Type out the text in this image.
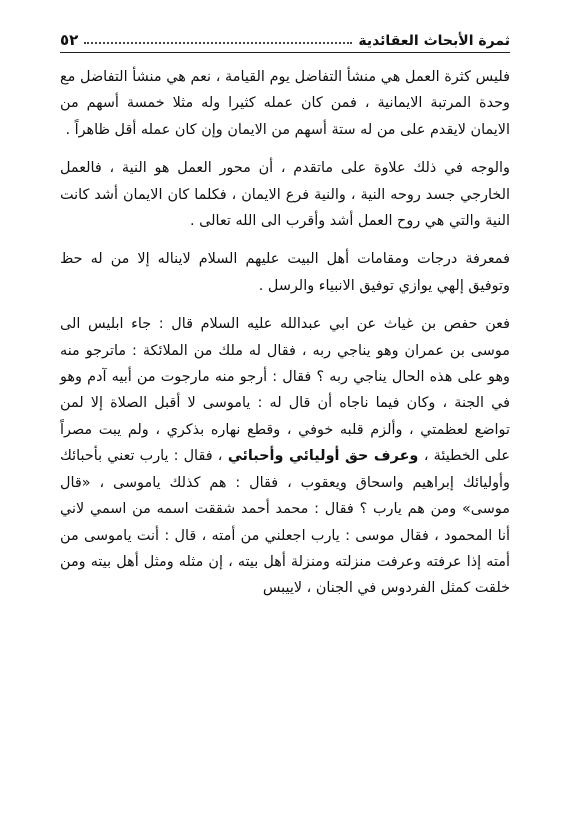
٥٢	ثمرة الأبحاث العقائدية

فليس كثرة العمل هي منشأ التفاضل يوم القيامة ، نعم هي منشأ التفاضل مع وحدة المرتبة الايمانية ، فمن كان عمله كثيرا وله مثلا خمسة أسهم من الايمان لايقدم على من له ستة أسهم من الايمان وإن كان عمله أقل ظاهراً .

والوجه في ذلك علاوة على ماتقدم ، أن محور العمل هو النية ، فالعمل الخارجي جسد روحه النية ، والنية فرع الايمان ، فكلما كان الايمان أشد كانت النية والتي هي روح العمل أشد وأقرب الى الله تعالى .

فمعرفة درجات ومقامات أهل البيت عليهم السلام لايناله إلا من له حظ وتوفيق إلهي يوازي توفيق الانبياء والرسل .

فعن حفص بن غياث عن ابي عبدالله عليه السلام قال : جاء ابليس الى موسى بن عمران وهو يناجي ربه ، فقال له ملك من الملائكة : ماترجو منه وهو على هذه الحال يناجي ربه ؟ فقال : أرجو منه مارجوت من أبيه آدم وهو في الجنة ، وكان فيما ناجاه أن قال له : ياموسى لا أقبل الصلاة إلا لمن تواضع لعظمتي ، وألزم قلبه خوفي ، وقطع نهاره بذكري ، ولم يبت مصراً على الخطيئة ، وعرف حق أوليائي وأحبائي ، فقال : يارب تعني بأحبائك وأوليائك إبراهيم واسحاق ويعقوب ، فقال : هم كذلك ياموسى ، «قال موسى» ومن هم يارب ؟ فقال : محمد أحمد شققت اسمه من اسمي لاني أنا المحمود ، فقال موسى : يارب اجعلني من أمته ، قال : أنت ياموسى من أمته إذا عرفته وعرفت منزلته ومنزلة أهل بيته ، إن مثله ومثل أهل بيته ومن خلقت كمثل الفردوس في الجنان ، لاييبس
